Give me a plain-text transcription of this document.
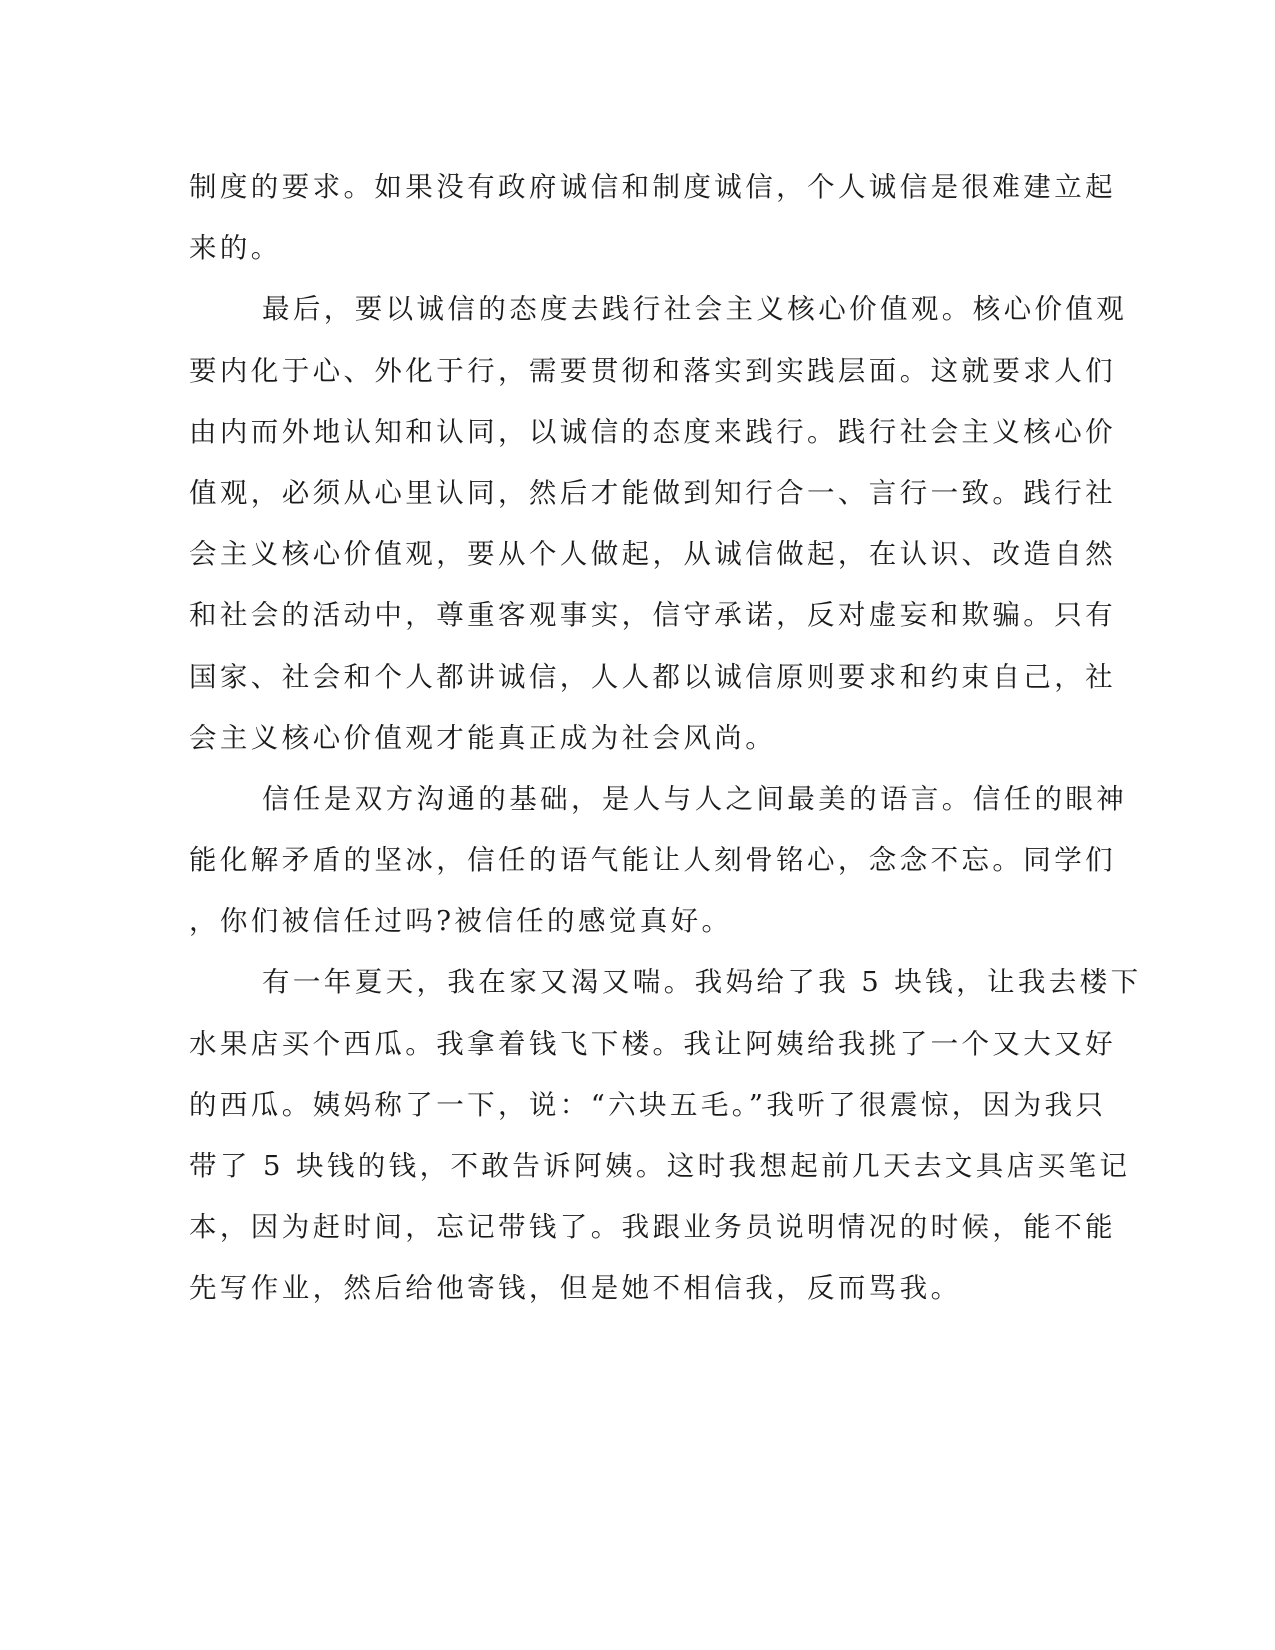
制度的要求。如果没有政府诚信和制度诚信，个人诚信是很难建立起
来的。
最后，要以诚信的态度去践行社会主义核心价值观。核心价值观
要内化于心、外化于行，需要贯彻和落实到实践层面。这就要求人们
由内而外地认知和认同，以诚信的态度来践行。践行社会主义核心价
值观，必须从心里认同，然后才能做到知行合一、言行一致。践行社
会主义核心价值观，要从个人做起，从诚信做起，在认识、改造自然
和社会的活动中，尊重客观事实，信守承诺，反对虚妄和欺骗。只有
国家、社会和个人都讲诚信，人人都以诚信原则要求和约束自己，社
会主义核心价值观才能真正成为社会风尚。
信任是双方沟通的基础，是人与人之间最美的语言。信任的眼神
能化解矛盾的坚冰，信任的语气能让人刻骨铭心，念念不忘。同学们
，你们被信任过吗?被信任的感觉真好。
有一年夏天，我在家又渴又喘。我妈给了我 5 块钱，让我去楼下
水果店买个西瓜。我拿着钱飞下楼。我让阿姨给我挑了一个又大又好
的西瓜。姨妈称了一下，说：“六块五毛。”我听了很震惊，因为我只
带了 5 块钱的钱，不敢告诉阿姨。这时我想起前几天去文具店买笔记
本，因为赶时间，忘记带钱了。我跟业务员说明情况的时候，能不能
先写作业，然后给他寄钱，但是她不相信我，反而骂我。
